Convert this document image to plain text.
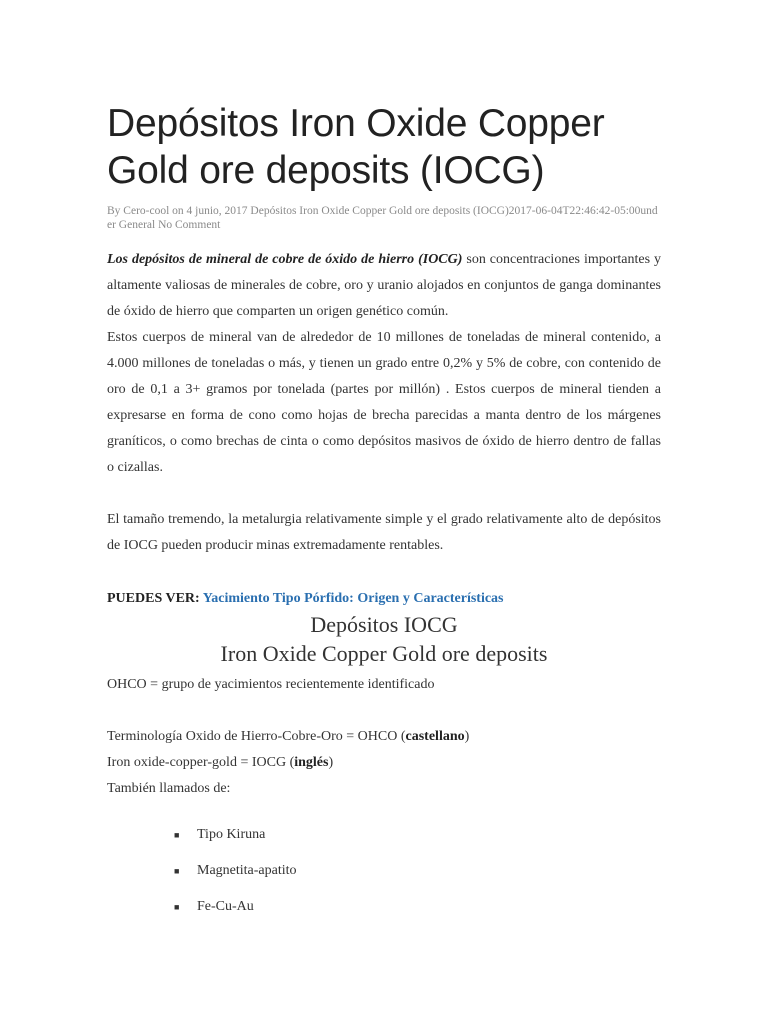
Depósitos Iron Oxide Copper Gold ore deposits (IOCG)
By Cero-cool on 4 junio, 2017 Depósitos Iron Oxide Copper Gold ore deposits (IOCG)2017-06-04T22:46:42-05:00under General No Comment

Los depósitos de mineral de cobre de óxido de hierro (IOCG) son concentraciones importantes y altamente valiosas de minerales de cobre, oro y uranio alojados en conjuntos de ganga dominantes de óxido de hierro que comparten un origen genético común.

Estos cuerpos de mineral van de alrededor de 10 millones de toneladas de mineral contenido, a 4.000 millones de toneladas o más, y tienen un grado entre 0,2% y 5% de cobre, con contenido de oro de 0,1 a 3+ gramos por tonelada (partes por millón) . Estos cuerpos de mineral tienden a expresarse en forma de cono como hojas de brecha parecidas a manta dentro de los márgenes graníticos, o como brechas de cinta o como depósitos masivos de óxido de hierro dentro de fallas o cizallas.

El tamaño tremendo, la metalurgia relativamente simple y el grado relativamente alto de depósitos de IOCG pueden producir minas extremadamente rentables.

PUEDES VER: Yacimiento Tipo Pórfido: Origen y Características

Depósitos IOCG

Iron Oxide Copper Gold ore deposits

OHCO = grupo de yacimientos recientemente identificado

Terminología Oxido de Hierro-Cobre-Oro = OHCO (castellano)

Iron oxide-copper-gold = IOCG (inglés)

También llamados de:

■ Tipo Kiruna
■ Magnetita-apatito
■ Fe-Cu-Au
